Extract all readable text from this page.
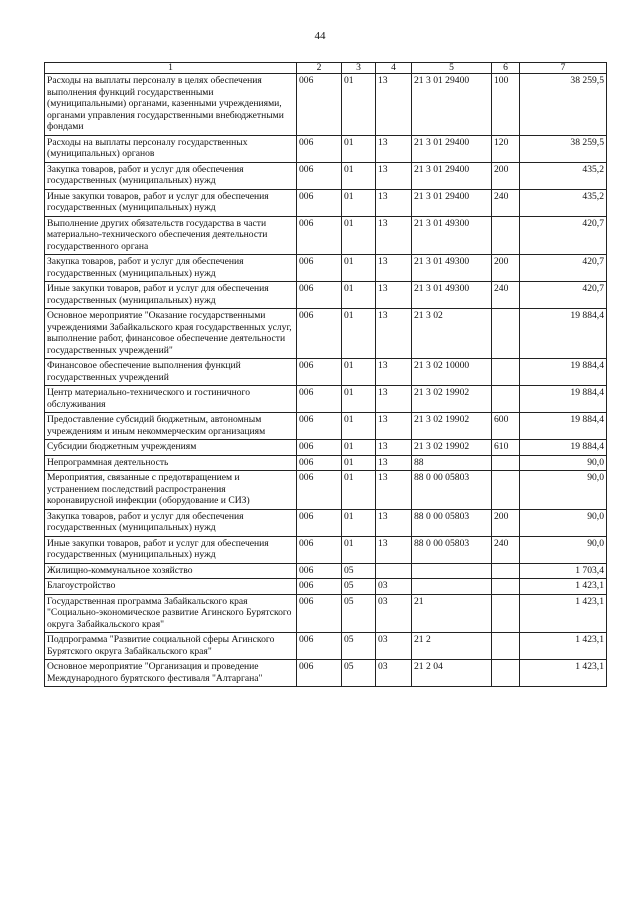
44
1	2	3	4	5	6	7
Расходы на выплаты персоналу в целях обеспечения выполнения функций государственными (муниципальными) органами, казенными учреждениями, органами управления государственными внебюджетными фондами	006	01	13	21 3 01 29400	100	38 259,5
Расходы на выплаты персоналу государственных (муниципальных) органов	006	01	13	21 3 01 29400	120	38 259,5
Закупка товаров, работ и услуг для обеспечения государственных (муниципальных) нужд	006	01	13	21 3 01 29400	200	435,2
Иные закупки товаров, работ и услуг для обеспечения государственных (муниципальных) нужд	006	01	13	21 3 01 29400	240	435,2
Выполнение других обязательств государства в части материально-технического обеспечения деятельности государственного органа	006	01	13	21 3 01 49300		420,7
Закупка товаров, работ и услуг для обеспечения государственных (муниципальных) нужд	006	01	13	21 3 01 49300	200	420,7
Иные закупки товаров, работ и услуг для обеспечения государственных (муниципальных) нужд	006	01	13	21 3 01 49300	240	420,7
Основное мероприятие "Оказание государственными учреждениями Забайкальского края государственных услуг, выполнение работ, финансовое обеспечение деятельности государственных учреждений"	006	01	13	21 3 02		19 884,4
Финансовое обеспечение выполнения функций государственных учреждений	006	01	13	21 3 02 10000		19 884,4
Центр материально-технического и гостиничного обслуживания	006	01	13	21 3 02 19902		19 884,4
Предоставление субсидий бюджетным, автономным учреждениям и иным некоммерческим организациям	006	01	13	21 3 02 19902	600	19 884,4
Субсидии бюджетным учреждениям	006	01	13	21 3 02 19902	610	19 884,4
Непрограммная деятельность	006	01	13	88		90,0
Мероприятия, связанные с предотвращением и устранением последствий распространения коронавирусной инфекции (оборудование и СИЗ)	006	01	13	88 0 00 05803		90,0
Закупка товаров, работ и услуг для обеспечения государственных (муниципальных) нужд	006	01	13	88 0 00 05803	200	90,0
Иные закупки товаров, работ и услуг для обеспечения государственных (муниципальных) нужд	006	01	13	88 0 00 05803	240	90,0
Жилищно-коммунальное хозяйство	006	05				1 703,4
Благоустройство	006	05	03			1 423,1
Государственная программа Забайкальского края "Социально-экономическое развитие Агинского Бурятского округа Забайкальского края"	006	05	03	21		1 423,1
Подпрограмма "Развитие социальной сферы Агинского Бурятского округа Забайкальского края"	006	05	03	21 2		1 423,1
Основное мероприятие "Организация и проведение Международного бурятского фестиваля "Алтаргана"	006	05	03	21 2 04		1 423,1
